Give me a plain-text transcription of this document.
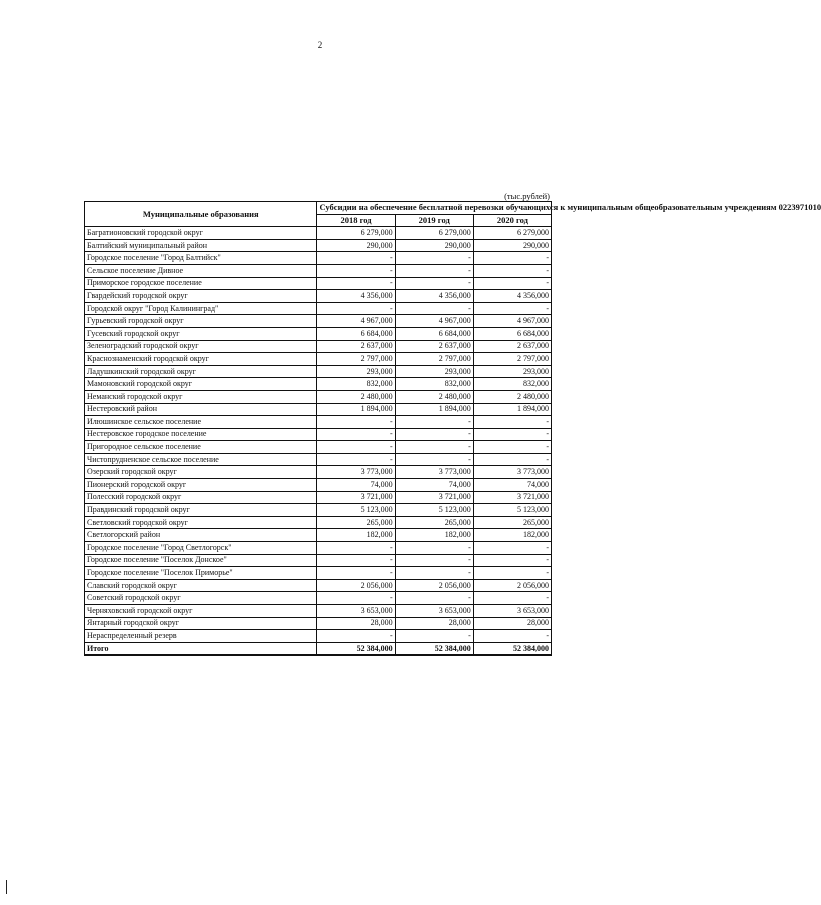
2
(тыс.рублей)
Муниципальные образования	Субсидии на обеспечение бесплатной перевозки обучающихся к муниципальным общеобразовательным учреждениям 0223971010		
	2018 год	2019 год	2020 год
Багратионовский городской округ	6 279,000	6 279,000	6 279,000
Балтийский муниципальный район	290,000	290,000	290,000
Городское поселение "Город Балтийск"	-	-	-
Сельское поселение Дивное	-	-	-
Приморское городское поселение	-	-	-
Гвардейский городской округ	4 356,000	4 356,000	4 356,000
Городской округ "Город Калининград"	-	-	-
Гурьевский городской округ	4 967,000	4 967,000	4 967,000
Гусевский городской округ	6 684,000	6 684,000	6 684,000
Зеленоградский городской округ	2 637,000	2 637,000	2 637,000
Краснознаменский городской округ	2 797,000	2 797,000	2 797,000
Ладушкинский городской округ	293,000	293,000	293,000
Мамоновский городской округ	832,000	832,000	832,000
Неманский городской округ	2 480,000	2 480,000	2 480,000
Нестеровский район	1 894,000	1 894,000	1 894,000
Илюшинское сельское поселение	-	-	-
Нестеровское городское поселение	-	-	-
Пригородное сельское поселение	-	-	-
Чистопрудненское сельское поселение	-	-	-
Озерский городской округ	3 773,000	3 773,000	3 773,000
Пионерский городской округ	74,000	74,000	74,000
Полесский городской округ	3 721,000	3 721,000	3 721,000
Правдинский городской округ	5 123,000	5 123,000	5 123,000
Светловский городской округ	265,000	265,000	265,000
Светлогорский район	182,000	182,000	182,000
Городское поселение "Город Светлогорск"	-	-	-
Городское поселение "Поселок Донское"	-	-	-
Городское поселение "Поселок Приморье"	-	-	-
Славский городской округ	2 056,000	2 056,000	2 056,000
Советский городской округ	-	-	-
Черняховский городской округ	3 653,000	3 653,000	3 653,000
Янтарный городской округ	28,000	28,000	28,000
Нераспределенный резерв	-	-	-
Итого	52 384,000	52 384,000	52 384,000
